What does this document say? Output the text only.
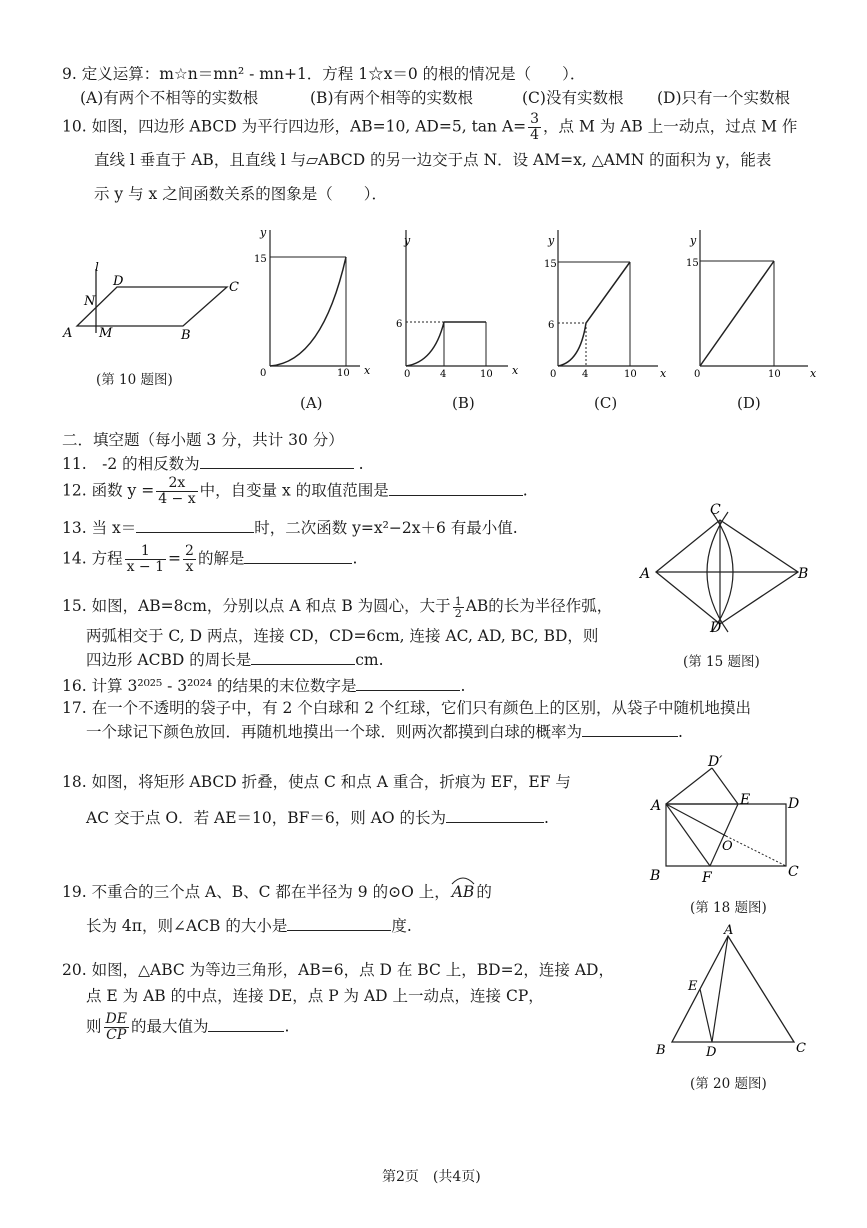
9. 定义运算：m☆n＝mn² - mn+1．方程 1☆x＝0 的根的情况是（　　）．
(A)有两个不相等的实数根	(B)有两个相等的实数根	(C)没有实数根 (D)只有一个实数根
10. 如图，四边形 ABCD 为平行四边形，AB=10, AD=5, $\tan A= \frac{3}{4}$ ，点 M 为 AB 上一动点，过点 M 作
直线 l 垂直于 AB，且直线 l 与▱ABCD 的另一边交于点 N．设 AM=x, △AMN 的面积为 y，能表
示 y 与 x 之间函数关系的图象是（　　）．
l
A M	B
C
D
N
(第 10 题图)
y
x
0
15
10
(A)
y
x
0
6
4	10
(B)
y
x
0
15
6
4	10
(C)
y
x
0
15
10
(D)
二．填空题（每小题 3 分，共计 30 分）
11.　-2 的相反数为	.
12. 函数 $y = \frac{2x}{4 - x}$ 中，自变量 x 的取值范围是	.
13. 当 x＝	时，二次函数 y=x²−2x＋6 有最小值.
14. 方程 $\frac{1}{x - 1} = \frac{2}{x}$ 的解是	.
15. 如图，AB=8cm，分别以点 A 和点 B 为圆心，大于 $\frac{1}{2}$ AB的长为半径作弧，
两弧相交于 C, D 两点，连接 CD，CD=6cm, 连接 AC, AD, BC, BD，则
四边形 ACBD 的周长是	cm.
A	B
C
D
(第 15 题图)
16. 计算 3²⁰²⁵ - 3²⁰²⁴ 的结果的末位数字是	.
17. 在一个不透明的袋子中，有 2 个白球和 2 个红球，它们只有颜色上的区别，从袋子中随机地摸出
一个球记下颜色放回．再随机地摸出一个球．则两次都摸到白球的概率为	.
18. 如图，将矩形 ABCD 折叠，使点 C 和点 A 重合，折痕为 EF，EF 与
AC 交于点 O．若 AE＝10，BF＝6，则 AO 的长为	.
A
B	C
D
D′
E
F
O
(第 18 题图)
19. 不重合的三个点 A、B、C 都在半径为 9 的⊙O 上， AB 的
长为 4π，则∠ACB 的大小是	度.
20. 如图，△ABC 为等边三角形，AB=6，点 D 在 BC 上，BD=2，连接 AD，
点 E 为 AB 的中点，连接 DE，点 P 为 AD 上一动点，连接 CP，
则 $\frac{DE}{CP}$ 的最大值为	.
A
B	C
D
E
(第 20 题图)
第2页　(共4页)
